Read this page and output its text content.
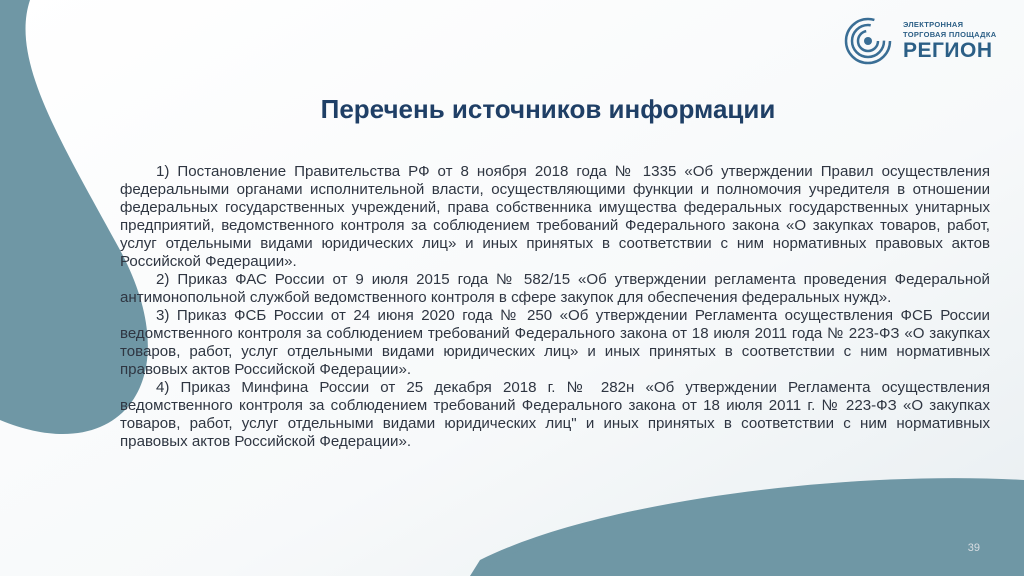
ЭЛЕКТРОННАЯ
ТОРГОВАЯ ПЛОЩАДКА
РЕГИОН
Перечень источников информации

1) Постановление Правительства РФ от 8 ноября 2018 года № 1335 «Об утверждении Правил осуществления федеральными органами исполнительной власти, осуществляющими функции и полномочия учредителя в отношении федеральных государственных учреждений, права собственника имущества федеральных государственных унитарных предприятий, ведомственного контроля за соблюдением требований Федерального закона «О закупках товаров, работ, услуг отдельными видами юридических лиц» и иных принятых в соответствии с ним нормативных правовых актов Российской Федерации».

2) Приказ ФАС России от 9 июля 2015 года № 582/15 «Об утверждении регламента проведения Федеральной антимонопольной службой ведомственного контроля в сфере закупок для обеспечения федеральных нужд».

3) Приказ ФСБ России от 24 июня 2020 года № 250 «Об утверждении Регламента осуществления ФСБ России ведомственного контроля за соблюдением требований Федерального закона от 18 июля 2011 года № 223-ФЗ «О закупках товаров, работ, услуг отдельными видами юридических лиц» и иных принятых в соответствии с ним нормативных правовых актов Российской Федерации».

4) Приказ Минфина России от 25 декабря 2018 г. № 282н «Об утверждении Регламента осуществления ведомственного контроля за соблюдением требований Федерального закона от 18 июля 2011 г. № 223-ФЗ «О закупках товаров, работ, услуг отдельными видами юридических лиц" и иных принятых в соответствии с ним нормативных правовых актов Российской Федерации».

39
